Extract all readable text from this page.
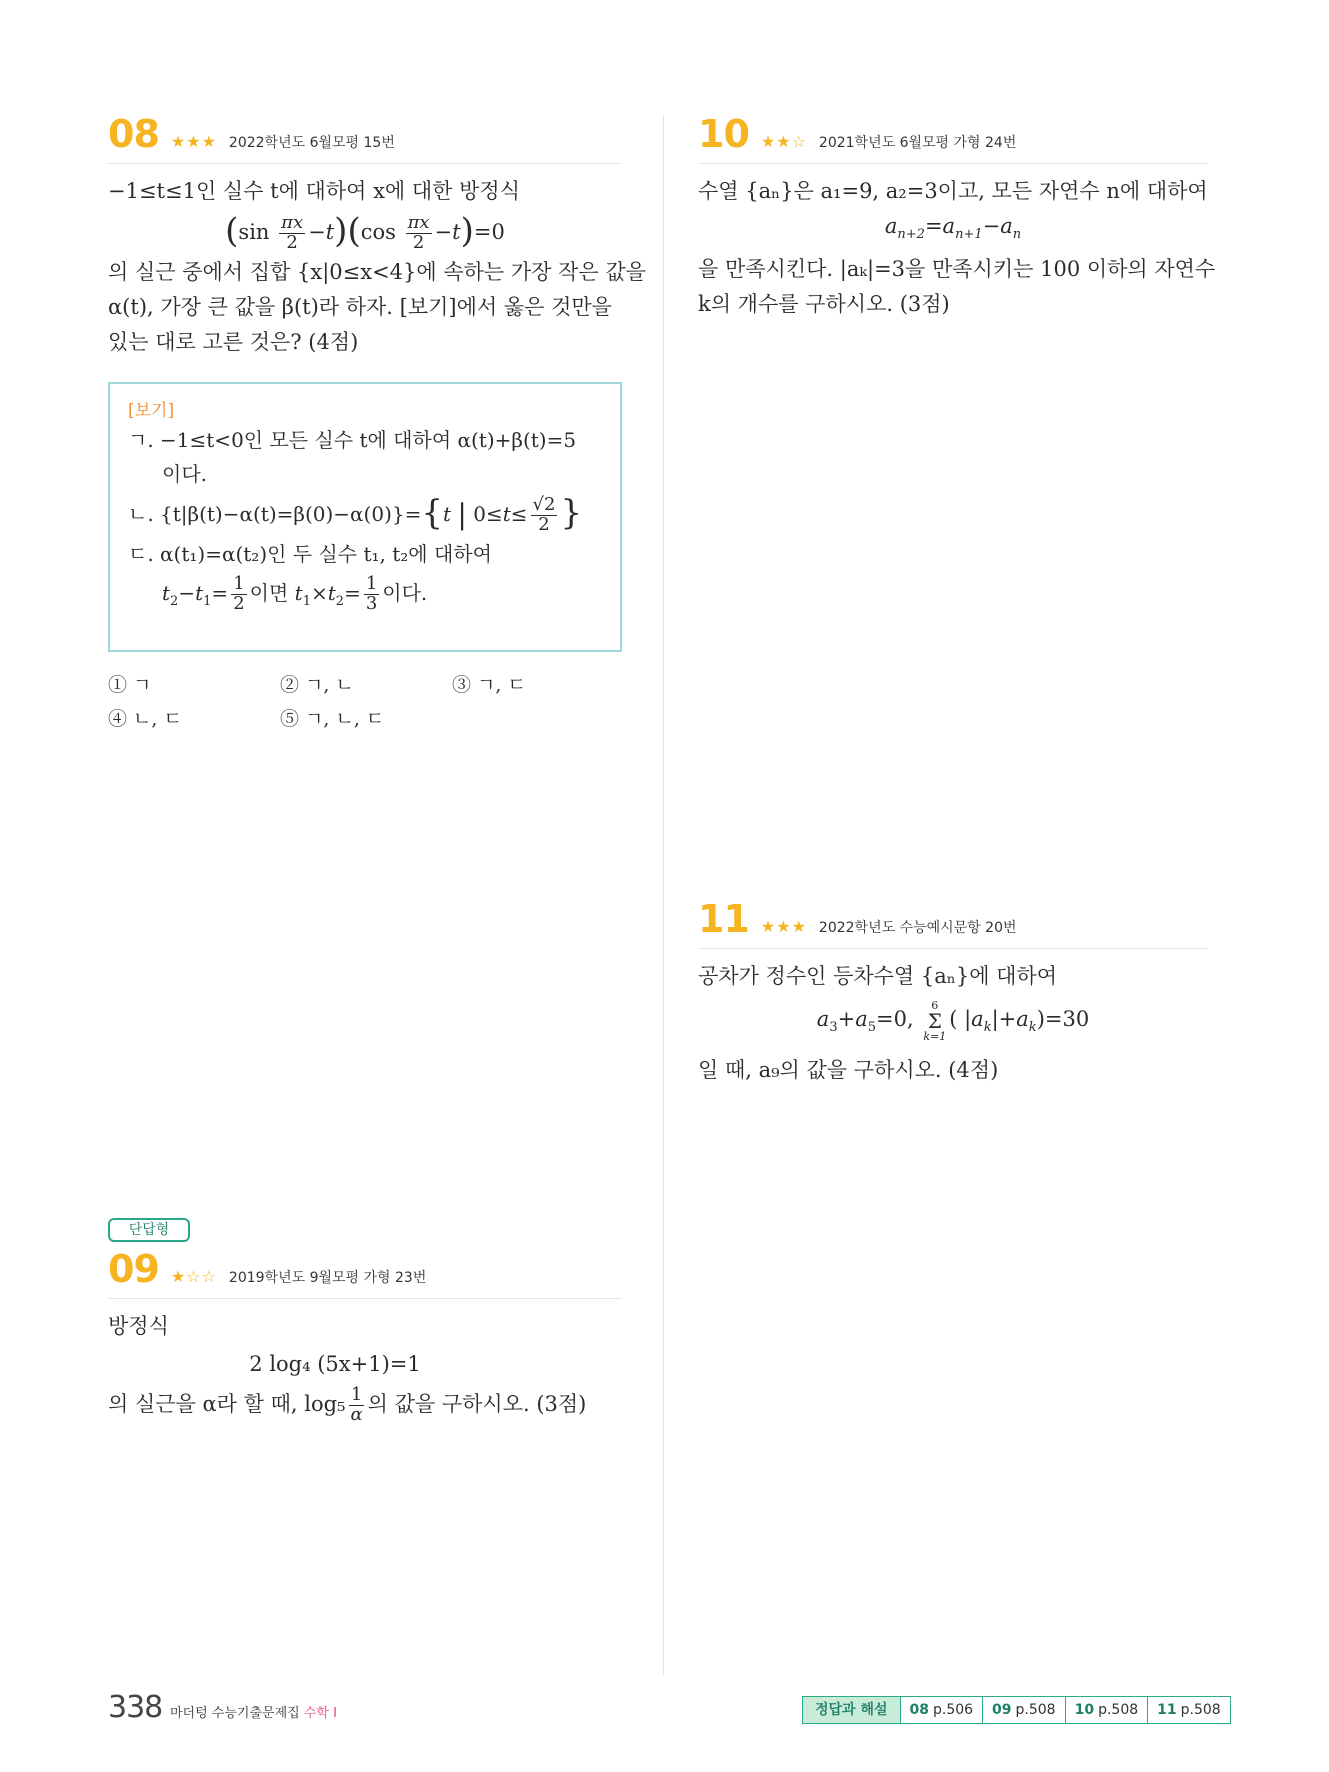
08 ★★★ 2022학년도 6월모평 15번

−1≤t≤1인 실수 t에 대하여 x에 대한 방정식

$(\sin \frac{\pi x}{2} -t)(\cos \frac{\pi x}{2} -t)=0$

의 실근 중에서 집합 {x|0≤x<4}에 속하는 가장 작은 값을

α(t), 가장 큰 값을 β(t)라 하자. [보기]에서 옳은 것만을

있는 대로 고른 것은? (4점)

[보기]
ㄱ. −1≤t<0인 모든 실수 t에 대하여 α(t)+β(t)=5
이다.
ㄴ. {t|β(t)−α(t)=β(0)−α(0)}={t | $0\le t\le \frac{√2}{2}$ }
ㄷ. α(t₁)=α(t₂)인 두 실수 t₁, t₂에 대하여
$t_2-t_1= \frac{1}{2}$ 이면 $t_1\times t_2= \frac{1}{3}$ 이다.
① ㄱ	② ㄱ, ㄴ	③ ㄱ, ㄷ
④ ㄴ, ㄷ	⑤ ㄱ, ㄴ, ㄷ
단답형
09 ★☆☆ 2019학년도 9월모평 가형 23번

방정식

2 log₄ (5x+1)=1
의 실근을 α라 할 때, $\log_5 \frac{1}{\alpha}$ 의 값을 구하시오. (3점)
10 ★★☆ 2021학년도 6월모평 가형 24번

수열 {aₙ}은 a₁=9, a₂=3이고, 모든 자연수 n에 대하여

$a_{n+2}=a_{n+1}-a_n$

을 만족시킨다. |aₖ|=3을 만족시키는 100 이하의 자연수

k의 개수를 구하시오. (3점)

11 ★★★ 2022학년도 수능예시문항 20번

공차가 정수인 등차수열 {aₙ}에 대하여

$a_3+a_5=0$,
6
Σ
k=1
( $|a_k|+a_k)=30$

일 때, a₉의 값을 구하시오. (4점)

338 마더텅 수능기출문제집 수학 Ⅰ	정답과 해설	08 p.506	09 p.508	10 p.508	11 p.508
